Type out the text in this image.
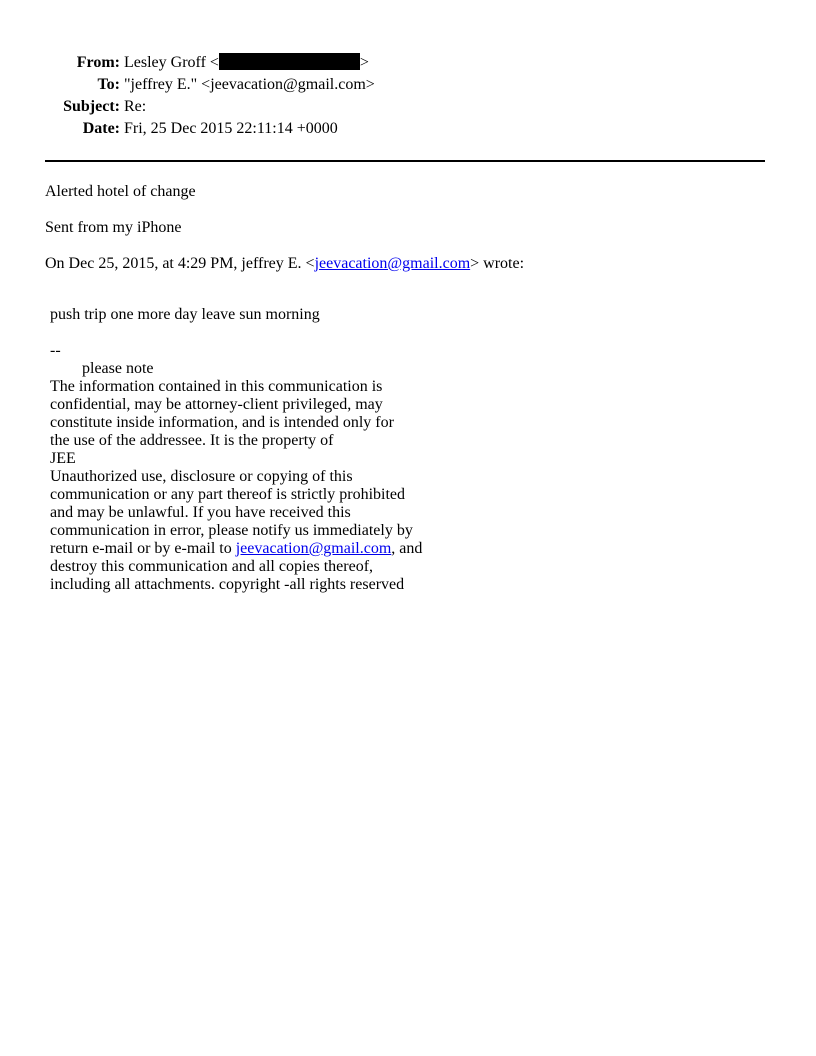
From: Lesley Groff <	>
To: "jeffrey E." <jeevacation@gmail.com>
Subject: Re:
Date: Fri, 25 Dec 2015 22:11:14 +0000
Alerted hotel of change
Sent from my iPhone
On Dec 25, 2015, at 4:29 PM, jeffrey E. <jeevacation@gmail.com> wrote:
push trip one more day leave sun morning
--
please note
The information contained in this communication is
confidential, may be attorney-client privileged, may
constitute inside information, and is intended only for
the use of the addressee. It is the property of
JEE
Unauthorized use, disclosure or copying of this
communication or any part thereof is strictly prohibited
and may be unlawful. If you have received this
communication in error, please notify us immediately by
return e-mail or by e-mail to jeevacation@gmail.com, and
destroy this communication and all copies thereof,
including all attachments. copyright -all rights reserved
